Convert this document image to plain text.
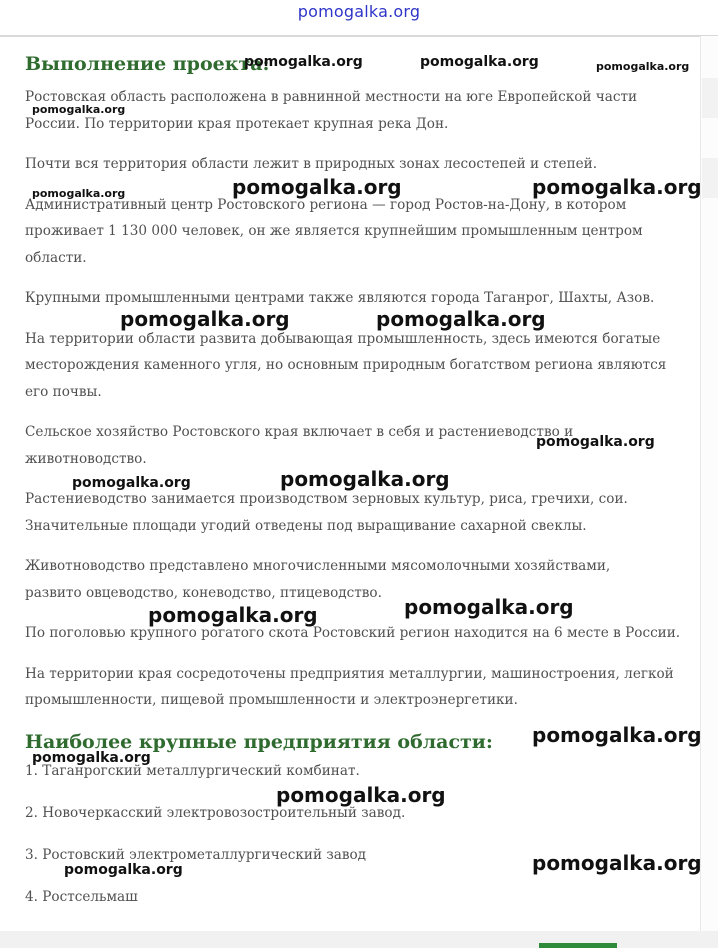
pomogalka.org
Выполнение проекта:

Ростовская область расположена в равнинной местности на юге Европейской части
России. По территории края протекает крупная река Дон.

Почти вся территория области лежит в природных зонах лесостепей и степей.

Административный центр Ростовского региона — город Ростов-на-Дону, в котором
проживает 1 130 000 человек, он же является крупнейшим промышленным центром
области.

Крупными промышленными центрами также являются города Таганрог, Шахты, Азов.

На территории области развита добывающая промышленность, здесь имеются богатые
месторождения каменного угля, но основным природным богатством региона являются
его почвы.

Сельское хозяйство Ростовского края включает в себя и растениеводство и
животноводство.

Растениеводство занимается производством зерновых культур, риса, гречихи, сои.
Значительные площади угодий отведены под выращивание сахарной свеклы.

Животноводство представлено многочисленными мясомолочными хозяйствами,
развито овцеводство, коневодство, птицеводство.

По поголовью крупного рогатого скота Ростовский регион находится на 6 месте в России.

На территории края сосредоточены предприятия металлургии, машиностроения, легкой
промышленности, пищевой промышленности и электроэнергетики.

Наиболее крупные предприятия области:

1. Таганрогский металлургический комбинат.

2. Новочеркасский электровозостроительный завод.

3. Ростовский электрометаллургический завод

4. Ростсельмаш

pomogalka.org	pomogalka.org	pomogalka.org
pomogalka.org
pomogalka.org	pomogalka.org	pomogalka.org
pomogalka.org	pomogalka.org
pomogalka.org
pomogalka.org
pomogalka.org
pomogalka.org	pomogalka.org
pomogalka.org
pomogalka.org
pomogalka.org
pomogalka.org
pomogalka.org
